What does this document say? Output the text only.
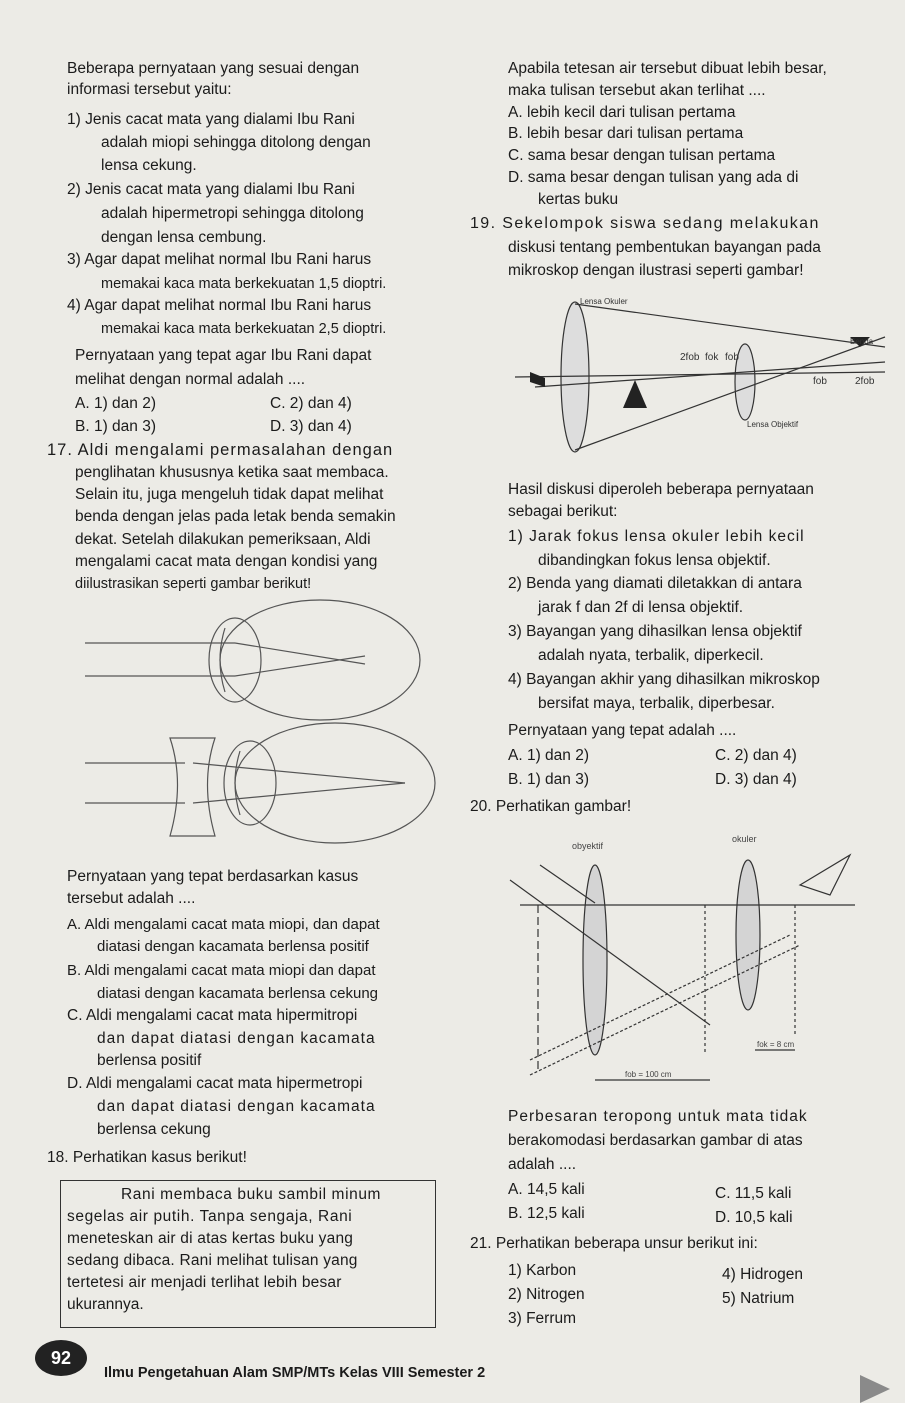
Beberapa pernyataan yang sesuai dengan
informasi tersebut yaitu:
1) Jenis cacat mata yang dialami Ibu Rani
adalah miopi sehingga ditolong dengan
lensa cekung.
2) Jenis cacat mata yang dialami Ibu Rani
adalah hipermetropi sehingga ditolong
dengan lensa cembung.
3) Agar dapat melihat normal Ibu Rani harus
memakai kaca mata berkekuatan 1,5 dioptri.
4) Agar dapat melihat normal Ibu Rani harus
memakai kaca mata berkekuatan 2,5 dioptri.
Pernyataan yang tepat agar Ibu Rani dapat
melihat dengan normal adalah ....
A. 1) dan 2)	C. 2) dan 4)
B. 1) dan 3)	D. 3) dan 4)
17. Aldi mengalami permasalahan dengan
penglihatan khususnya ketika saat membaca.
Selain itu, juga mengeluh tidak dapat melihat
benda dengan jelas pada letak benda semakin
dekat. Setelah dilakukan pemeriksaan, Aldi
mengalami cacat mata dengan kondisi yang
diilustrasikan seperti gambar berikut!
Pernyataan yang tepat berdasarkan kasus
tersebut adalah ....
A. Aldi mengalami cacat mata miopi, dan dapat
diatasi dengan kacamata berlensa positif
B. Aldi mengalami cacat mata miopi dan dapat
diatasi dengan kacamata berlensa cekung
C. Aldi mengalami cacat mata hipermitropi
dan dapat diatasi dengan kacamata
berlensa positif
D. Aldi mengalami cacat mata hipermetropi
dan dapat diatasi dengan kacamata
berlensa cekung
18. Perhatikan kasus berikut!
Rani membaca buku sambil minum
segelas air putih. Tanpa sengaja, Rani
meneteskan air di atas kertas buku yang
sedang dibaca. Rani melihat tulisan yang
tertetesi air menjadi terlihat lebih besar
ukurannya.
Apabila tetesan air tersebut dibuat lebih besar,
maka tulisan tersebut akan terlihat ....
A. lebih kecil dari tulisan pertama
B. lebih besar dari tulisan pertama
C. sama besar dengan tulisan pertama
D. sama besar dengan tulisan yang ada di
kertas buku
19. Sekelompok siswa sedang melakukan
diskusi tentang pembentukan bayangan pada
mikroskop dengan ilustrasi seperti gambar!
Lensa Okuler
Benda
Lensa Objektif
2fob fok fob
fob	2fob
Hasil diskusi diperoleh beberapa pernyataan
sebagai berikut:
1) Jarak fokus lensa okuler lebih kecil
dibandingkan fokus lensa objektif.
2) Benda yang diamati diletakkan di antara
jarak f dan 2f di lensa objektif.
3) Bayangan yang dihasilkan lensa objektif
adalah nyata, terbalik, diperkecil.
4) Bayangan akhir yang dihasilkan mikroskop
bersifat maya, terbalik, diperbesar.
Pernyataan yang tepat adalah ....
A. 1) dan 2)	C. 2) dan 4)
B. 1) dan 3)	D. 3) dan 4)
20. Perhatikan gambar!
obyektif
okuler
fok = 8 cm
fob = 100 cm
Perbesaran teropong untuk mata tidak
berakomodasi berdasarkan gambar di atas
adalah ....
A. 14,5 kali	C. 11,5 kali
B. 12,5 kali	D. 10,5 kali
21. Perhatikan beberapa unsur berikut ini:
1) Karbon
2) Nitrogen
3) Ferrum
4) Hidrogen
5) Natrium
92
Ilmu Pengetahuan Alam SMP/MTs Kelas VIII Semester 2
